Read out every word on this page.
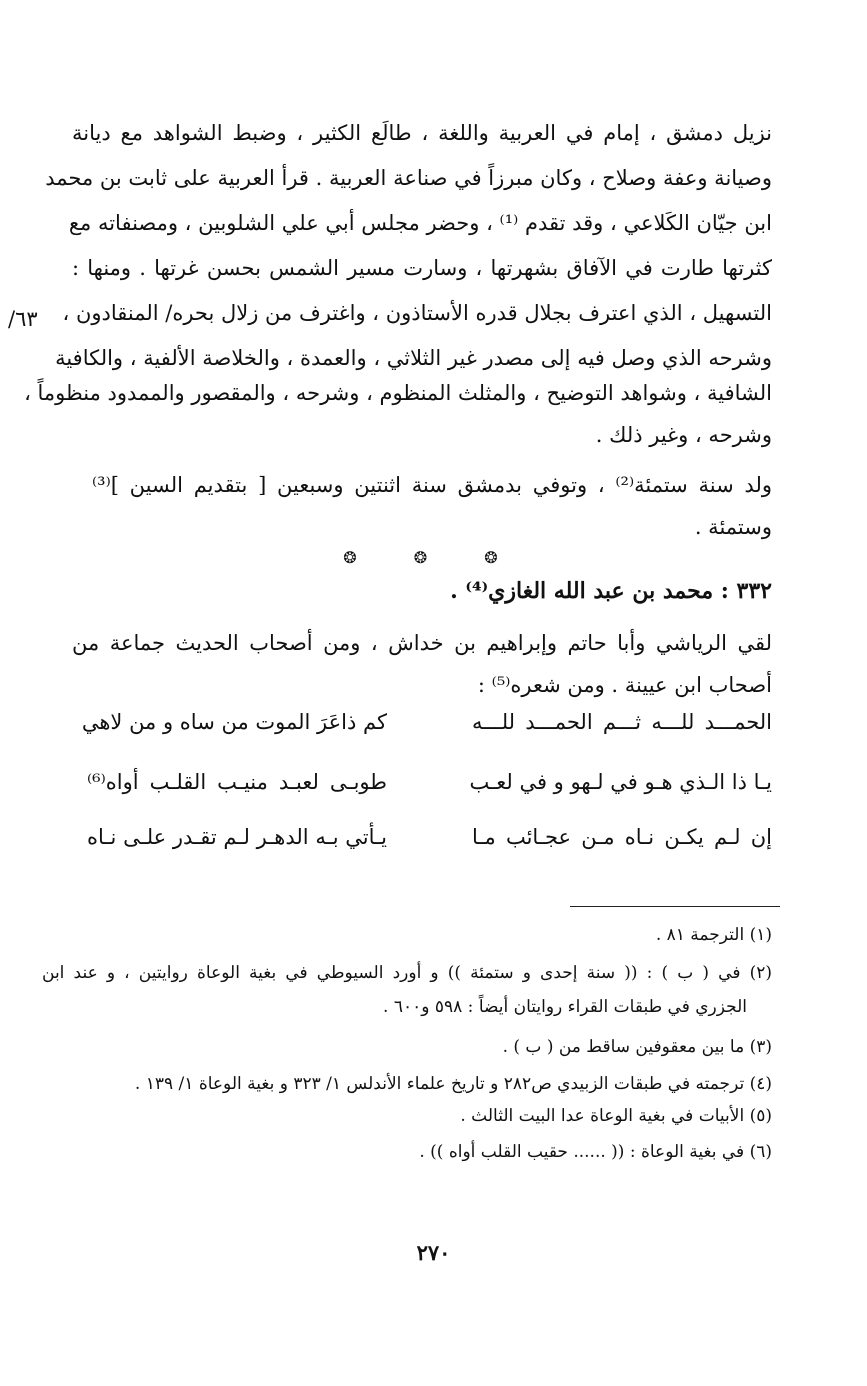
نزيل دمشق ، إمام في العربية واللغة ، طالَع الكثير ، وضبط الشواهد مع ديانة
وصيانة وعفة وصلاح ، وكان مبرزاً في صناعة العربية . قرأ العربية على ثابت بن محمد
ابن جيّان الكَلاعي ، وقد تقدم ⁽¹⁾ ، وحضر مجلس أبي علي الشلوبين ، ومصنفاته مع
كثرتها طارت في الآفاق بشهرتها ، وسارت مسير الشمس بحسن غرتها . ومنها :
التسهيل ، الذي اعترف بجلال قدره الأستاذون ، واغترف من زلال بحره/ المنقادون ،
٦٣/
وشرحه الذي وصل فيه إلى مصدر غير الثلاثي ، والعمدة ، والخلاصة الألفية ، والكافية
الشافية ، وشواهد التوضيح ، والمثلث المنظوم ، وشرحه ، والمقصور والممدود منظوماً ،
وشرحه ، وغير ذلك .
ولد سنة ستمئة⁽²⁾ ، وتوفي بدمشق سنة اثنتين وسبعين [ بتقديم السين ]⁽³⁾
وستمئة .
❂ ❂ ❂
٣٣٢ : محمد بن عبد الله الغازي⁽⁴⁾ .
لقي الرياشي وأبا حاتم وإبراهيم بن خداش ، ومن أصحاب الحديث جماعة من
أصحاب ابن عيينة . ومن شعره⁽⁵⁾ :
الحمـــد للـــه ثـــم الحمـــد للـــه
كم ذاعَرَ الموت من ساه و من لاهي
يـا ذا الـذي هـو في لـهو و في لعـب
طوبـى لعبـد منيـب القلـب أواه⁽⁶⁾
إن لـم يكـن نـاه مـن عجـائب مـا
يـأتي بـه الدهـر لـم تقـدر علـى نـاه
(١) الترجمة ٨١ .
(٢) في ( ب ) : (( سنة إحدى و ستمئة )) و أورد السيوطي في بغية الوعاة روايتين ، و عند ابن
الجزري في طبقات القراء روايتان أيضاً : ٥٩٨ و٦٠٠ .
(٣) ما بين معقوفين ساقط من ( ب ) .
(٤) ترجمته في طبقات الزبيدي ص٢٨٢ و تاريخ علماء الأندلس ١/ ٣٢٣ و بغية الوعاة ١/ ١٣٩ .
(٥) الأبيات في بغية الوعاة عدا البيت الثالث .
(٦) في بغية الوعاة : (( ...... حقيب القلب أواه )) .
٢٧٠
